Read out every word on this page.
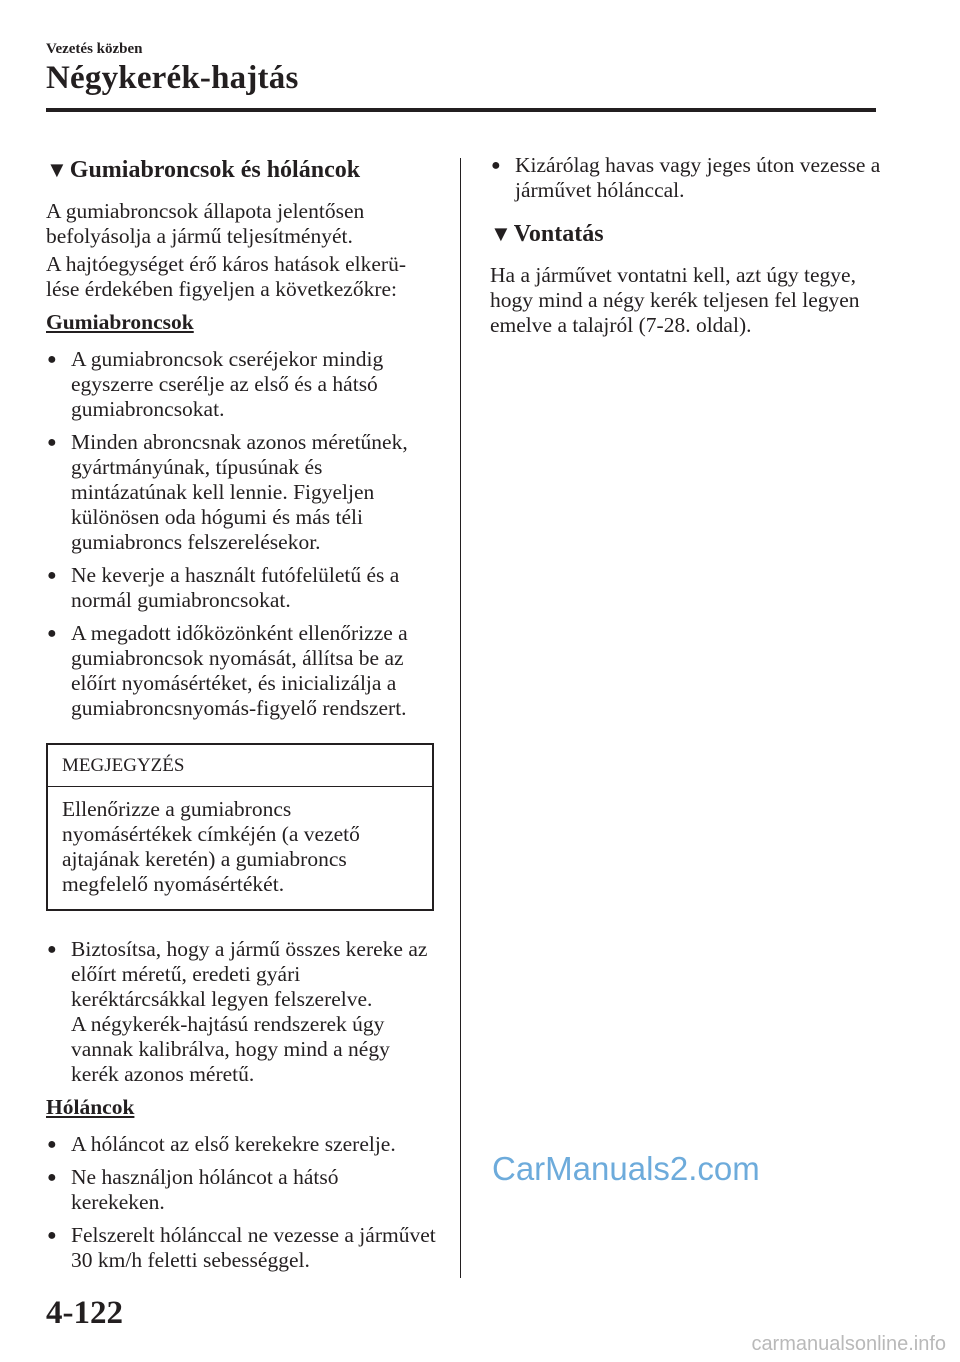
Vezetés közben
Négykerék-hajtás
▼Gumiabroncsok és hóláncok
A gumiabroncsok állapota jelentősen befolyásolja a jármű teljesítményét.
A hajtóegységet érő káros hatások elkerü-lése érdekében figyeljen a következőkre:
Gumiabroncsok
● A gumiabroncsok cseréjekor mindig egyszerre cserélje az első és a hátsó gumiabroncsokat.
● Minden abroncsnak azonos méretűnek, gyártmányúnak, típusúnak és mintázatúnak kell lennie. Figyeljen különösen oda hógumi és más téli gumiabroncs felszerelésekor.
● Ne keverje a használt futófelületű és a normál gumiabroncsokat.
● A megadott időközönként ellenőrizze a gumiabroncsok nyomását, állítsa be az előírt nyomásértéket, és inicializálja a gumiabroncsnyomás-figyelő rendszert.
MEGJEGYZÉS
Ellenőrizze a gumiabroncs nyomásértékek címkéjén (a vezető ajtajának keretén) a gumiabroncs megfelelő nyomásértékét.
● Biztosítsa, hogy a jármű összes kereke az előírt méretű, eredeti gyári keréktárcsákkal legyen felszerelve.
A négykerék-hajtású rendszerek úgy vannak kalibrálva, hogy mind a négy kerék azonos méretű.
Hóláncok
● A hóláncot az első kerekekre szerelje.
● Ne használjon hóláncot a hátsó kerekeken.
● Felszerelt hólánccal ne vezesse a járművet 30 km/h feletti sebességgel.
● Kizárólag havas vagy jeges úton vezesse a járművet hólánccal.
▼Vontatás
Ha a járművet vontatni kell, azt úgy tegye, hogy mind a négy kerék teljesen fel legyen emelve a talajról (7-28. oldal).
CarManuals2.com
4-122
carmanualsonline.info
